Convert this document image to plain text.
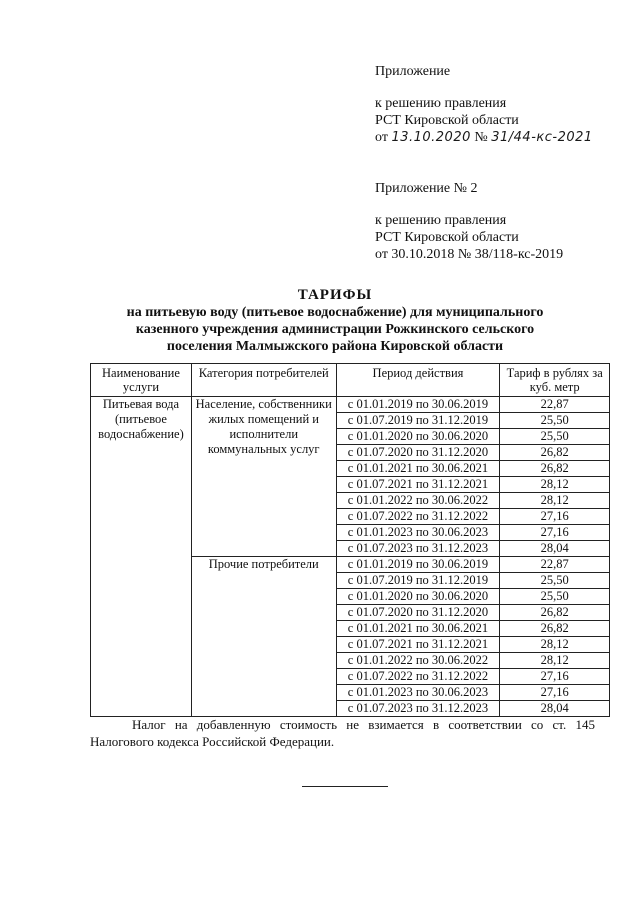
Приложение
к решению правления
РСТ Кировской области
от 13.10.2020 № 31/44-кс-2021
Приложение № 2
к решению правления
РСТ Кировской области
от 30.10.2018 № 38/118-кс-2019
ТАРИФЫ
на питьевую воду (питьевое водоснабжение) для муниципального
казенного учреждения администрации Рожкинского сельского
поселения Малмыжского района Кировской области
Наименование услуги	Категория потребителей	Период действия	Тариф в рублях за куб. метр
Питьевая вода (питьевое водоснабжение)	Население, собственники жилых помещений и исполнители коммунальных услуг	с 01.01.2019 по 30.06.2019	22,87
		с 01.07.2019 по 31.12.2019	25,50
		с 01.01.2020 по 30.06.2020	25,50
		с 01.07.2020 по 31.12.2020	26,82
		с 01.01.2021 по 30.06.2021	26,82
		с 01.07.2021 по 31.12.2021	28,12
		с 01.01.2022 по 30.06.2022	28,12
		с 01.07.2022 по 31.12.2022	27,16
		с 01.01.2023 по 30.06.2023	27,16
		с 01.07.2023 по 31.12.2023	28,04
	Прочие потребители	с 01.01.2019 по 30.06.2019	22,87
		с 01.07.2019 по 31.12.2019	25,50
		с 01.01.2020 по 30.06.2020	25,50
		с 01.07.2020 по 31.12.2020	26,82
		с 01.01.2021 по 30.06.2021	26,82
		с 01.07.2021 по 31.12.2021	28,12
		с 01.01.2022 по 30.06.2022	28,12
		с 01.07.2022 по 31.12.2022	27,16
		с 01.01.2023 по 30.06.2023	27,16
		с 01.07.2023 по 31.12.2023	28,04
Налог на добавленную стоимость не взимается в соответствии со ст. 145 Налогового кодекса Российской Федерации.
